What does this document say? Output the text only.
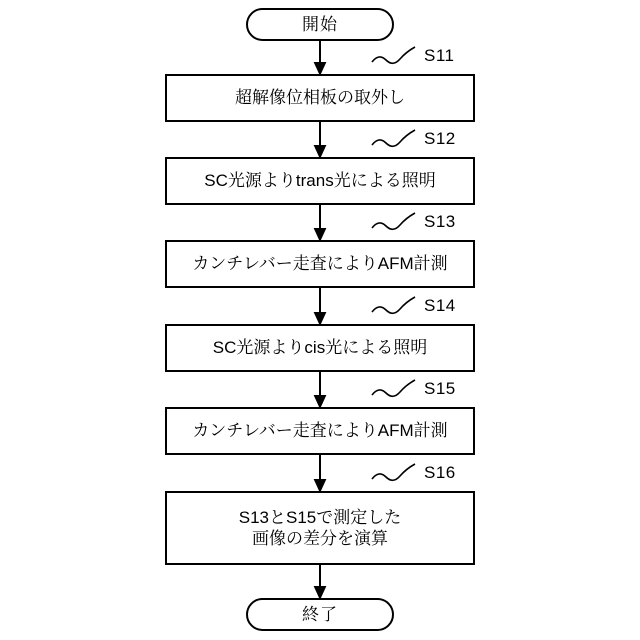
開始
超解像位相板の取外し
S11
SC光源よりtrans光による照明
S12
カンチレバー走査によりAFM計測
S13
SC光源よりcis光による照明
S14
カンチレバー走査によりAFM計測
S15
S13とS15で測定した
画像の差分を演算
S16
終了
